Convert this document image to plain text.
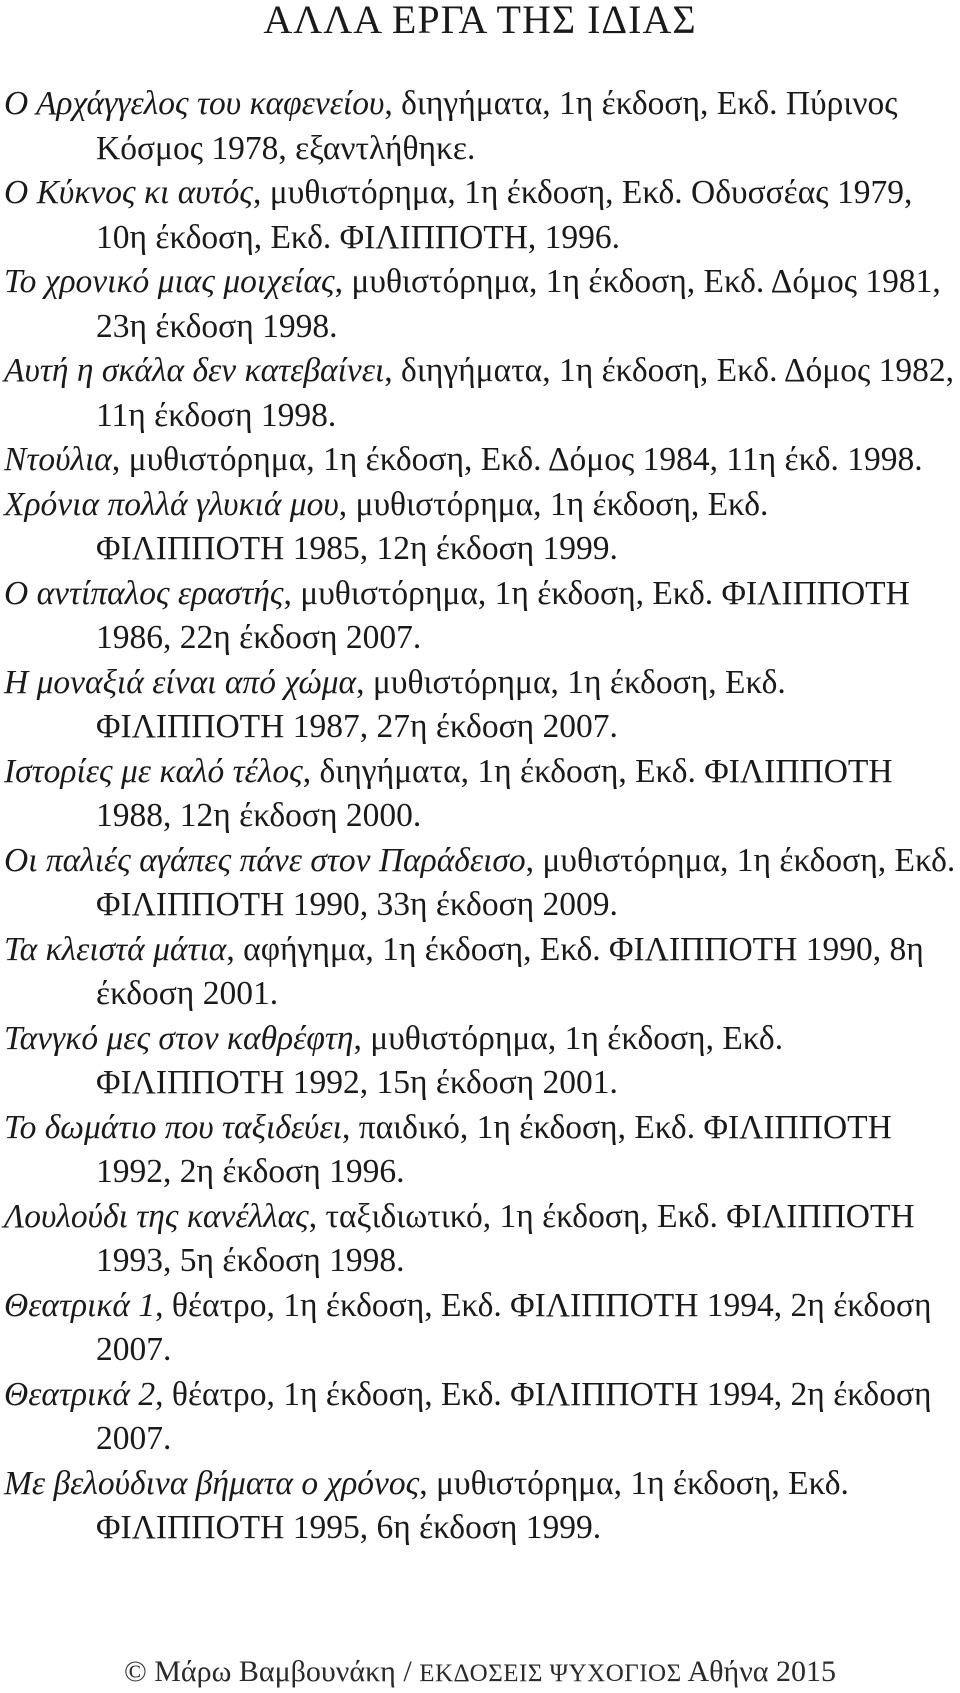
ΑΛΛΑ ΕΡΓΑ ΤΗΣ ΙΔΙΑΣ
Ο Αρχάγγελος του καφενείου, διηγήματα, 1η έκδοση, Εκδ. Πύρινος Κόσμος 1978, εξαντλήθηκε.
Ο Κύκνος κι αυτός, μυθιστόρημα, 1η έκδοση, Εκδ. Οδυσσέας 1979, 10η έκδοση, Εκδ. ΦΙΛΙΠΠΟΤΗ, 1996.
Το χρονικό μιας μοιχείας, μυθιστόρημα, 1η έκδοση, Εκδ. Δόμος 1981, 23η έκδοση 1998.
Αυτή η σκάλα δεν κατεβαίνει, διηγήματα, 1η έκδοση, Εκδ. Δόμος 1982, 11η έκδοση 1998.
Ντούλια, μυθιστόρημα, 1η έκδοση, Εκδ. Δόμος 1984, 11η έκδ. 1998.
Χρόνια πολλά γλυκιά μου, μυθιστόρημα, 1η έκδοση, Εκδ. ΦΙΛΙΠΠΟΤΗ 1985, 12η έκδοση 1999.
Ο αντίπαλος εραστής, μυθιστόρημα, 1η έκδοση, Εκδ. ΦΙΛΙΠΠΟΤΗ 1986, 22η έκδοση 2007.
Η μοναξιά είναι από χώμα, μυθιστόρημα, 1η έκδοση, Εκδ. ΦΙΛΙΠΠΟΤΗ 1987, 27η έκδοση 2007.
Ιστορίες με καλό τέλος, διηγήματα, 1η έκδοση, Εκδ. ΦΙΛΙΠΠΟΤΗ 1988, 12η έκδοση 2000.
Οι παλιές αγάπες πάνε στον Παράδεισο, μυθιστόρημα, 1η έκδοση, Εκδ. ΦΙΛΙΠΠΟΤΗ 1990, 33η έκδοση 2009.
Τα κλειστά μάτια, αφήγημα, 1η έκδοση, Εκδ. ΦΙΛΙΠΠΟΤΗ 1990, 8η έκδοση 2001.
Τανγκό μες στον καθρέφτη, μυθιστόρημα, 1η έκδοση, Εκδ. ΦΙΛΙΠΠΟΤΗ 1992, 15η έκδοση 2001.
Το δωμάτιο που ταξιδεύει, παιδικό, 1η έκδοση, Εκδ. ΦΙΛΙΠΠΟΤΗ 1992, 2η έκδοση 1996.
Λουλούδι της κανέλλας, ταξιδιωτικό, 1η έκδοση, Εκδ. ΦΙΛΙΠΠΟΤΗ 1993, 5η έκδοση 1998.
Θεατρικά 1, θέατρο, 1η έκδοση, Εκδ. ΦΙΛΙΠΠΟΤΗ 1994, 2η έκδοση 2007.
Θεατρικά 2, θέατρο, 1η έκδοση, Εκδ. ΦΙΛΙΠΠΟΤΗ 1994, 2η έκδοση 2007.
Με βελούδινα βήματα ο χρόνος, μυθιστόρημα, 1η έκδοση, Εκδ. ΦΙΛΙΠΠΟΤΗ 1995, 6η έκδοση 1999.
© Μάρω Βαμβουνάκη / ΕΚΔΟΣΕΙΣ ΨΥΧΟΓΙΟΣ Αθήνα 2015
